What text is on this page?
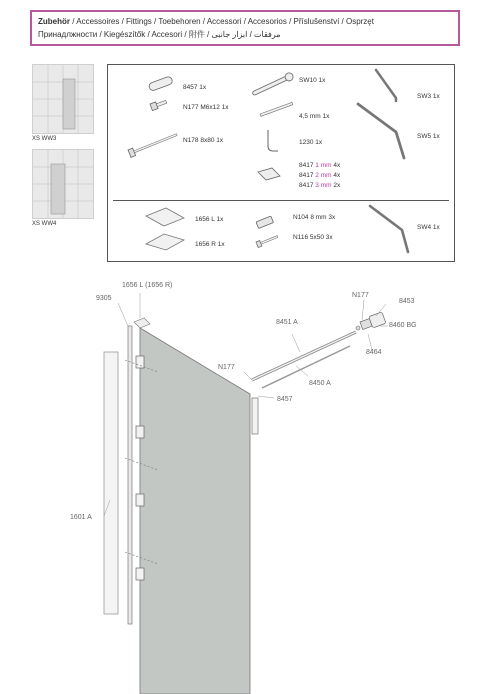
Zubehör / Accessoires / Fittings / Toebehoren / Accessori / Accesorios / Příslušenství / Osprzęt
Принадлжности / Kiegészítők / Accesori / 附件 / مرفقات / ابزار جانبی
XS WW3
XS WW4
8457 1x
N177 M6x12 1x
N178 8x80 1x
SW10 1x
4,5 mm 1x
1230 1x
SW3 1x
SW5 1x
8417 1 mm 4x
8417 2 mm 4x
8417 3 mm 2x
1656 L 1x
1656 R 1x
N104 8 mm 3x
N116 5x50 3x
SW4 1x
1656 L (1656 R)
9305	N177
8453
8451 A	8460 BG
8464
N177
8450 A
8457
1601 A
VEILA
